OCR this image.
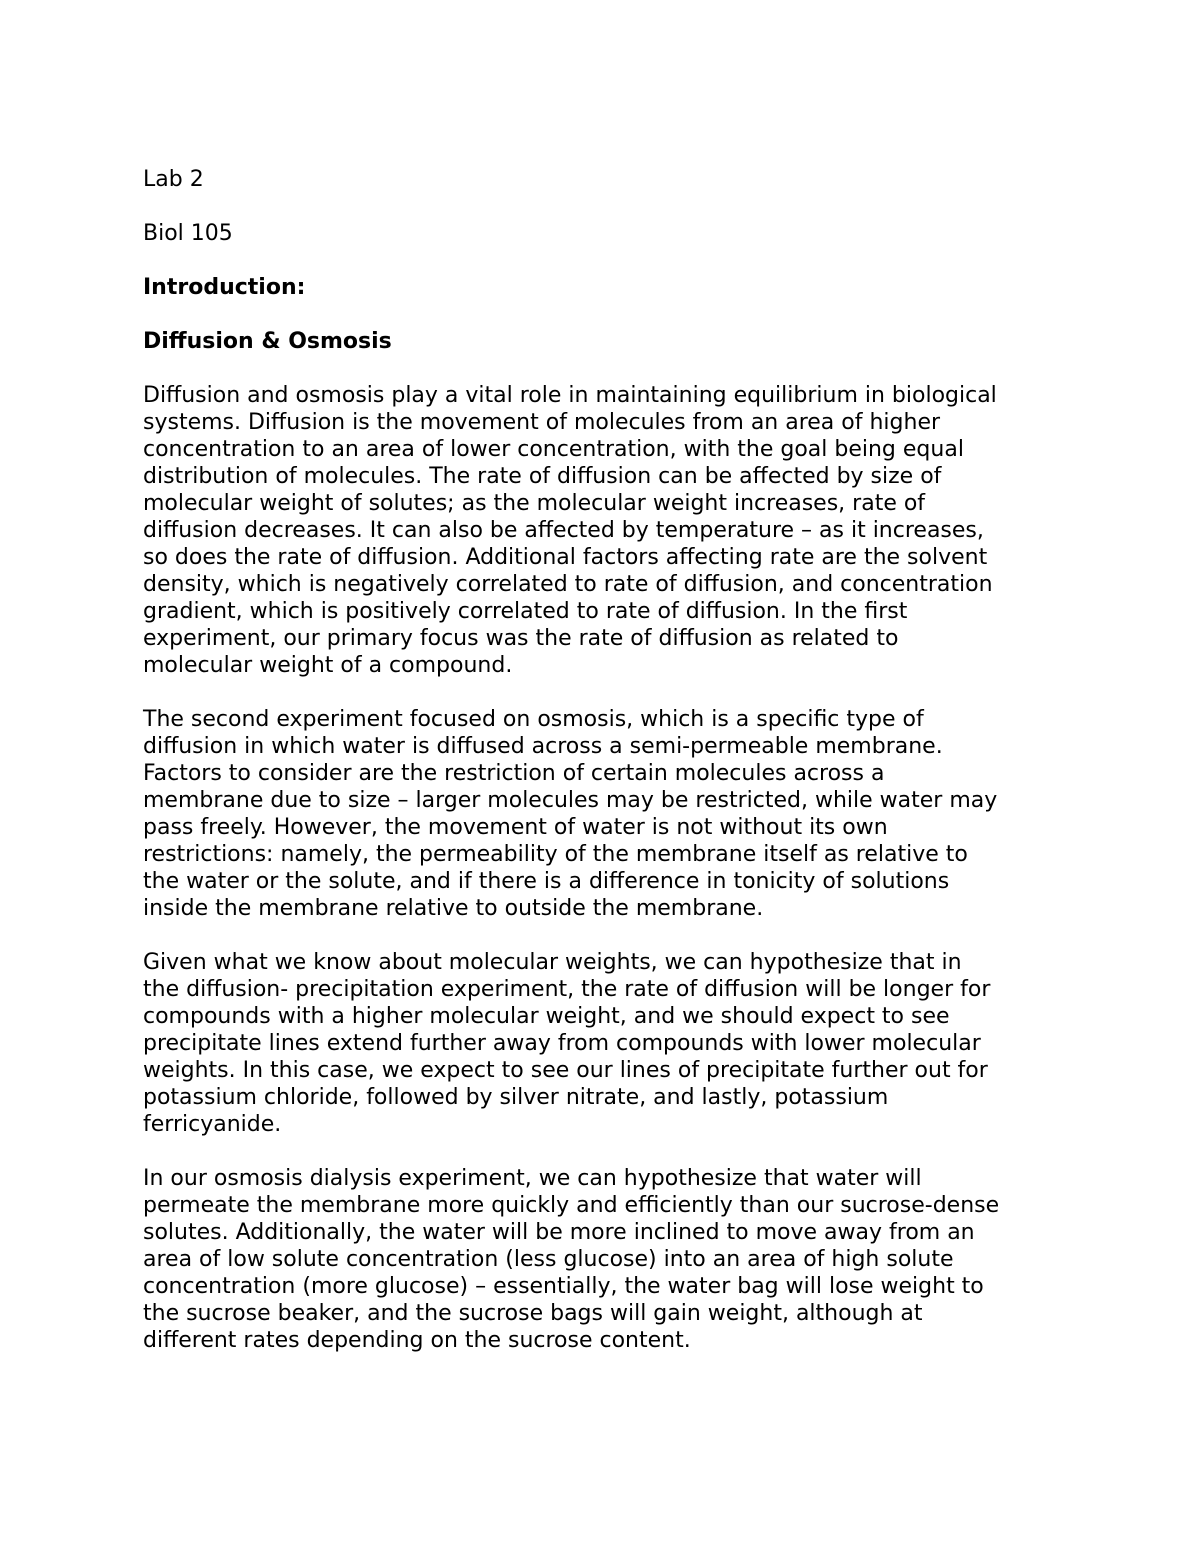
Lab 2

Biol 105

Introduction:

Diffusion & Osmosis

Diffusion and osmosis play a vital role in maintaining equilibrium in biological
systems. Diffusion is the movement of molecules from an area of higher
concentration to an area of lower concentration, with the goal being equal
distribution of molecules. The rate of diffusion can be affected by size of
molecular weight of solutes; as the molecular weight increases, rate of
diffusion decreases. It can also be affected by temperature – as it increases,
so does the rate of diffusion. Additional factors affecting rate are the solvent
density, which is negatively correlated to rate of diffusion, and concentration
gradient, which is positively correlated to rate of diffusion. In the first
experiment, our primary focus was the rate of diffusion as related to
molecular weight of a compound.
The second experiment focused on osmosis, which is a specific type of
diffusion in which water is diffused across a semi-permeable membrane.
Factors to consider are the restriction of certain molecules across a
membrane due to size – larger molecules may be restricted, while water may
pass freely. However, the movement of water is not without its own
restrictions: namely, the permeability of the membrane itself as relative to
the water or the solute, and if there is a difference in tonicity of solutions
inside the membrane relative to outside the membrane.
Given what we know about molecular weights, we can hypothesize that in
the diffusion- precipitation experiment, the rate of diffusion will be longer for
compounds with a higher molecular weight, and we should expect to see
precipitate lines extend further away from compounds with lower molecular
weights. In this case, we expect to see our lines of precipitate further out for
potassium chloride, followed by silver nitrate, and lastly, potassium
ferricyanide.
In our osmosis dialysis experiment, we can hypothesize that water will
permeate the membrane more quickly and efficiently than our sucrose-dense
solutes. Additionally, the water will be more inclined to move away from an
area of low solute concentration (less glucose) into an area of high solute
concentration (more glucose) – essentially, the water bag will lose weight to
the sucrose beaker, and the sucrose bags will gain weight, although at
different rates depending on the sucrose content.
